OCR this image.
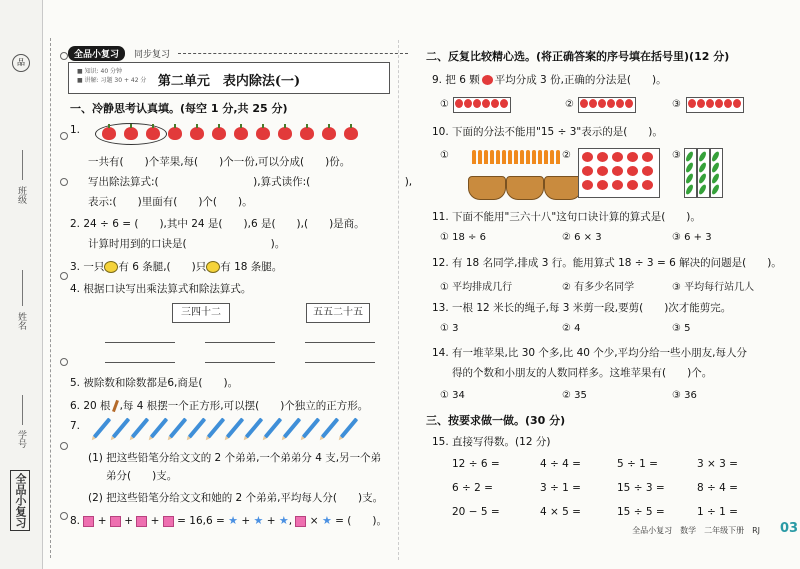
品
班级
姓名
学号
全品小复习
全品小复习	同步复习
■ 知识: 40 分钟
■ 讲解: 习题 30 + 42 分 第二单元　表内除法(一)
一、冷静思考认真填。(每空 1 分,共 25 分)
1.
一共有(　　)个苹果,每(　　)个一份,可以分成(　　)份。
写出除法算式:(　　　　　　　　　),算式读作:(　　　　　　　　　),
表示:(　　)里面有(　　)个(　　)。
2. 24 ÷ 6 = (　　),其中 24 是(　　),6 是(　　),(　　)是商。
计算时用到的口诀是(　　　　　　　　)。
3. 一只 有 6 条腿,(　　)只 有 18 条腿。
4. 根据口诀写出乘法算式和除法算式。
三四十二	五五二十五
5. 被除数和除数都是6,商是(　　)。
6. 20 根 ,每 4 根摆一个正方形,可以摆(　　)个独立的正方形。
7.
(1) 把这些铅笔分给文文的 2 个弟弟,一个弟弟分 4 支,另一个弟
弟分(　　)支。
(2) 把这些铅笔分给文文和她的 2 个弟弟,平均每人分(　　)支。
8.  +  +  +  = 16,6 = ★ + ★ + ★,  × ★ = (　　)。
二、反复比较精心选。(将正确答案的序号填在括号里)(12 分)
9. 把 6 颗 平均分成 3 份,正确的分法是(　　)。
①	②	③
10. 下面的分法不能用"15 ÷ 3"表示的是(　　)。
①	②	③
11. 下面不能用"三六十八"这句口诀计算的算式是(　　)。
① 18 ÷ 6	② 6 × 3	③ 6 + 3
12. 有 18 名同学,排成 3 行。能用算式 18 ÷ 3 = 6 解决的问题是(　　)。
① 平均排成几行	② 有多少名同学	③ 平均每行站几人
13. 一根 12 米长的绳子,每 3 米剪一段,要剪(　　)次才能剪完。
① 3	② 4	③ 5
14. 有一堆苹果,比 30 个多,比 40 个少,平均分给一些小朋友,每人分
得的个数和小朋友的人数同样多。这堆苹果有(　　)个。
① 34	② 35	③ 36
三、按要求做一做。(30 分)
15. 直接写得数。(12 分)
全品小复习　数学　二年级下册　RJ 03
12 ÷ 6 =	4 ÷ 4 =	5 ÷ 1 =	3 × 3 =
6 ÷ 2 =	3 ÷ 1 =	15 ÷ 3 =	8 ÷ 4 =
20 − 5 =	4 × 5 =	15 ÷ 5 =	1 ÷ 1 =
